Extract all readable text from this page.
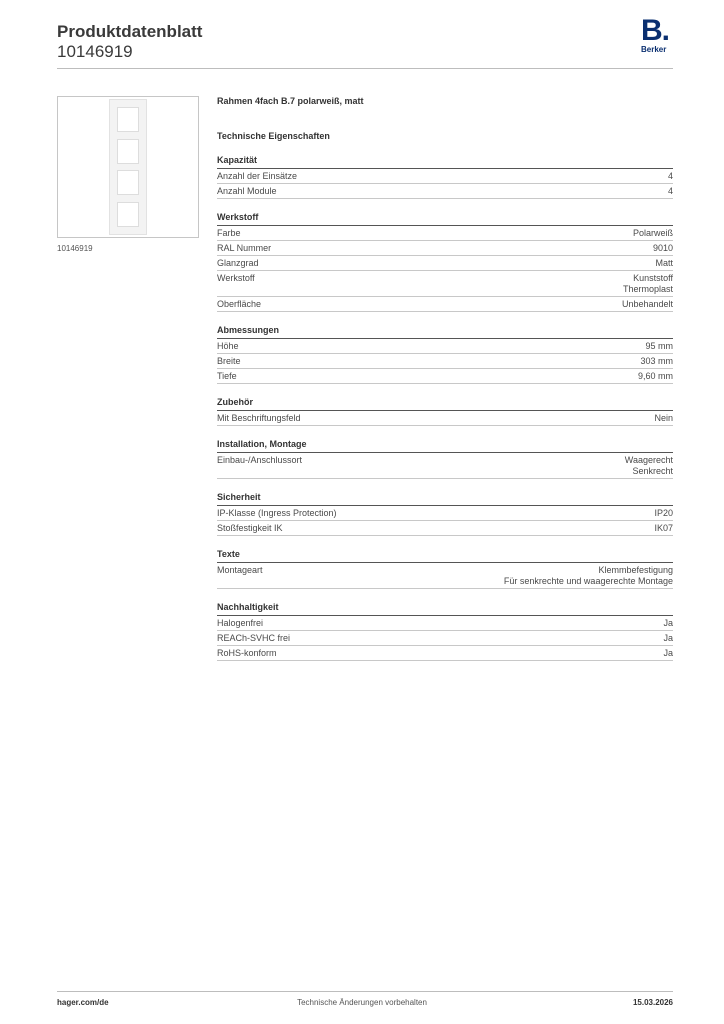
Produktdatenblatt
10146919
B.
Berker
10146919
Rahmen 4fach B.7 polarweiß, matt
Technische Eigenschaften
Kapazität
Anzahl der Einsätze	4
Anzahl Module	4
Werkstoff
Farbe	Polarweiß
RAL Nummer	9010
Glanzgrad	Matt
Werkstoff	Kunststoff
Thermoplast
Oberfläche	Unbehandelt
Abmessungen
Höhe	95 mm
Breite	303 mm
Tiefe	9,60 mm
Zubehör
Mit Beschriftungsfeld	Nein
Installation, Montage
Einbau-/Anschlussort	Waagerecht
Senkrecht
Sicherheit
IP-Klasse (Ingress Protection)	IP20
Stoßfestigkeit IK	IK07
Texte
Montageart	Klemmbefestigung
Für senkrechte und waagerechte Montage
Nachhaltigkeit
Halogenfrei	Ja
REACh-SVHC frei	Ja
RoHS-konform	Ja
hager.com/de	Technische Änderungen vorbehalten	15.03.2026
